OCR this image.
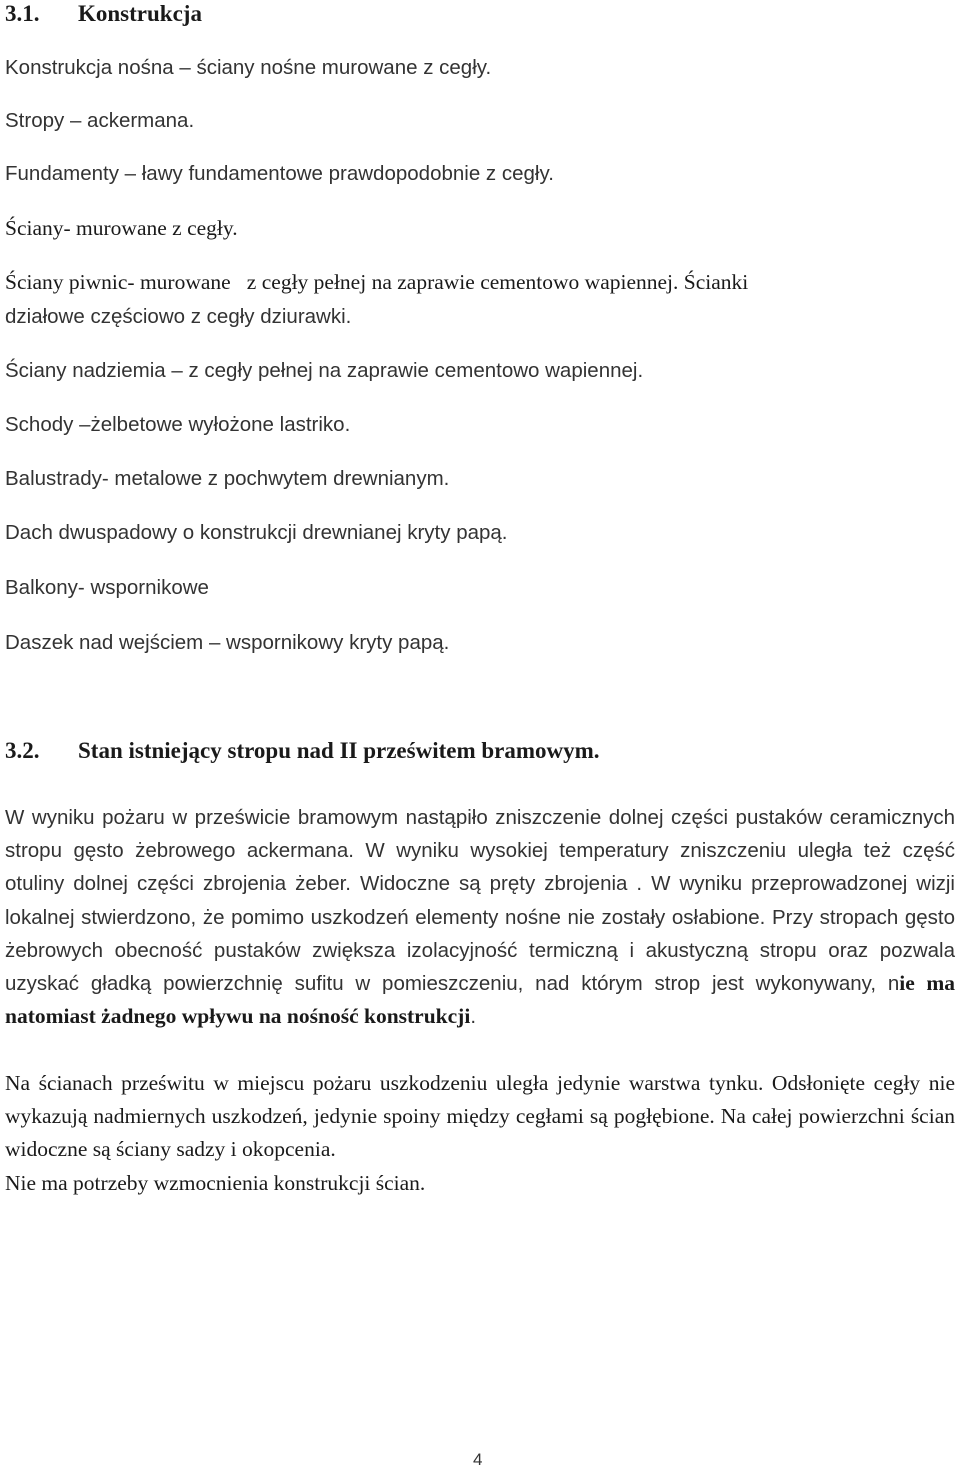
3.1. Konstrukcja
Konstrukcja nośna – ściany nośne murowane z cegły.
Stropy – ackermana.
Fundamenty – ławy fundamentowe prawdopodobnie z cegły.
Ściany- murowane z cegły.
Ściany piwnic- murowane   z cegły pełnej na zaprawie cementowo wapiennej. Ścianki
działowe częściowo z cegły dziurawki.
Ściany nadziemia – z cegły pełnej na zaprawie cementowo wapiennej.
Schody –żelbetowe wyłożone lastriko.
Balustrady- metalowe z pochwytem drewnianym.
Dach dwuspadowy o konstrukcji drewnianej kryty papą.
Balkony- wspornikowe
Daszek nad wejściem – wspornikowy kryty papą.
3.2. Stan istniejący stropu nad II prześwitem bramowym.
W wyniku pożaru w prześwicie bramowym nastąpiło zniszczenie dolnej części pustaków ceramicznych stropu gęsto żebrowego ackermana. W wyniku wysokiej temperatury zniszczeniu uległa też część otuliny dolnej części zbrojenia żeber. Widoczne są pręty zbrojenia . W wyniku przeprowadzonej wizji lokalnej stwierdzono, że pomimo uszkodzeń elementy nośne nie zostały osłabione. Przy stropach gęsto żebrowych obecność pustaków zwiększa izolacyjność termiczną i akustyczną stropu oraz pozwala uzyskać gładką powierzchnię sufitu w pomieszczeniu, nad którym strop jest wykonywany, nie ma natomiast żadnego wpływu na nośność konstrukcji.
Na ścianach prześwitu w miejscu pożaru uszkodzeniu uległa jedynie warstwa tynku. Odsłonięte cegły nie wykazują nadmiernych uszkodzeń, jedynie spoiny między cegłami są pogłębione. Na całej powierzchni ścian widoczne są ściany sadzy i okopcenia.
Nie ma potrzeby wzmocnienia konstrukcji ścian.
4
